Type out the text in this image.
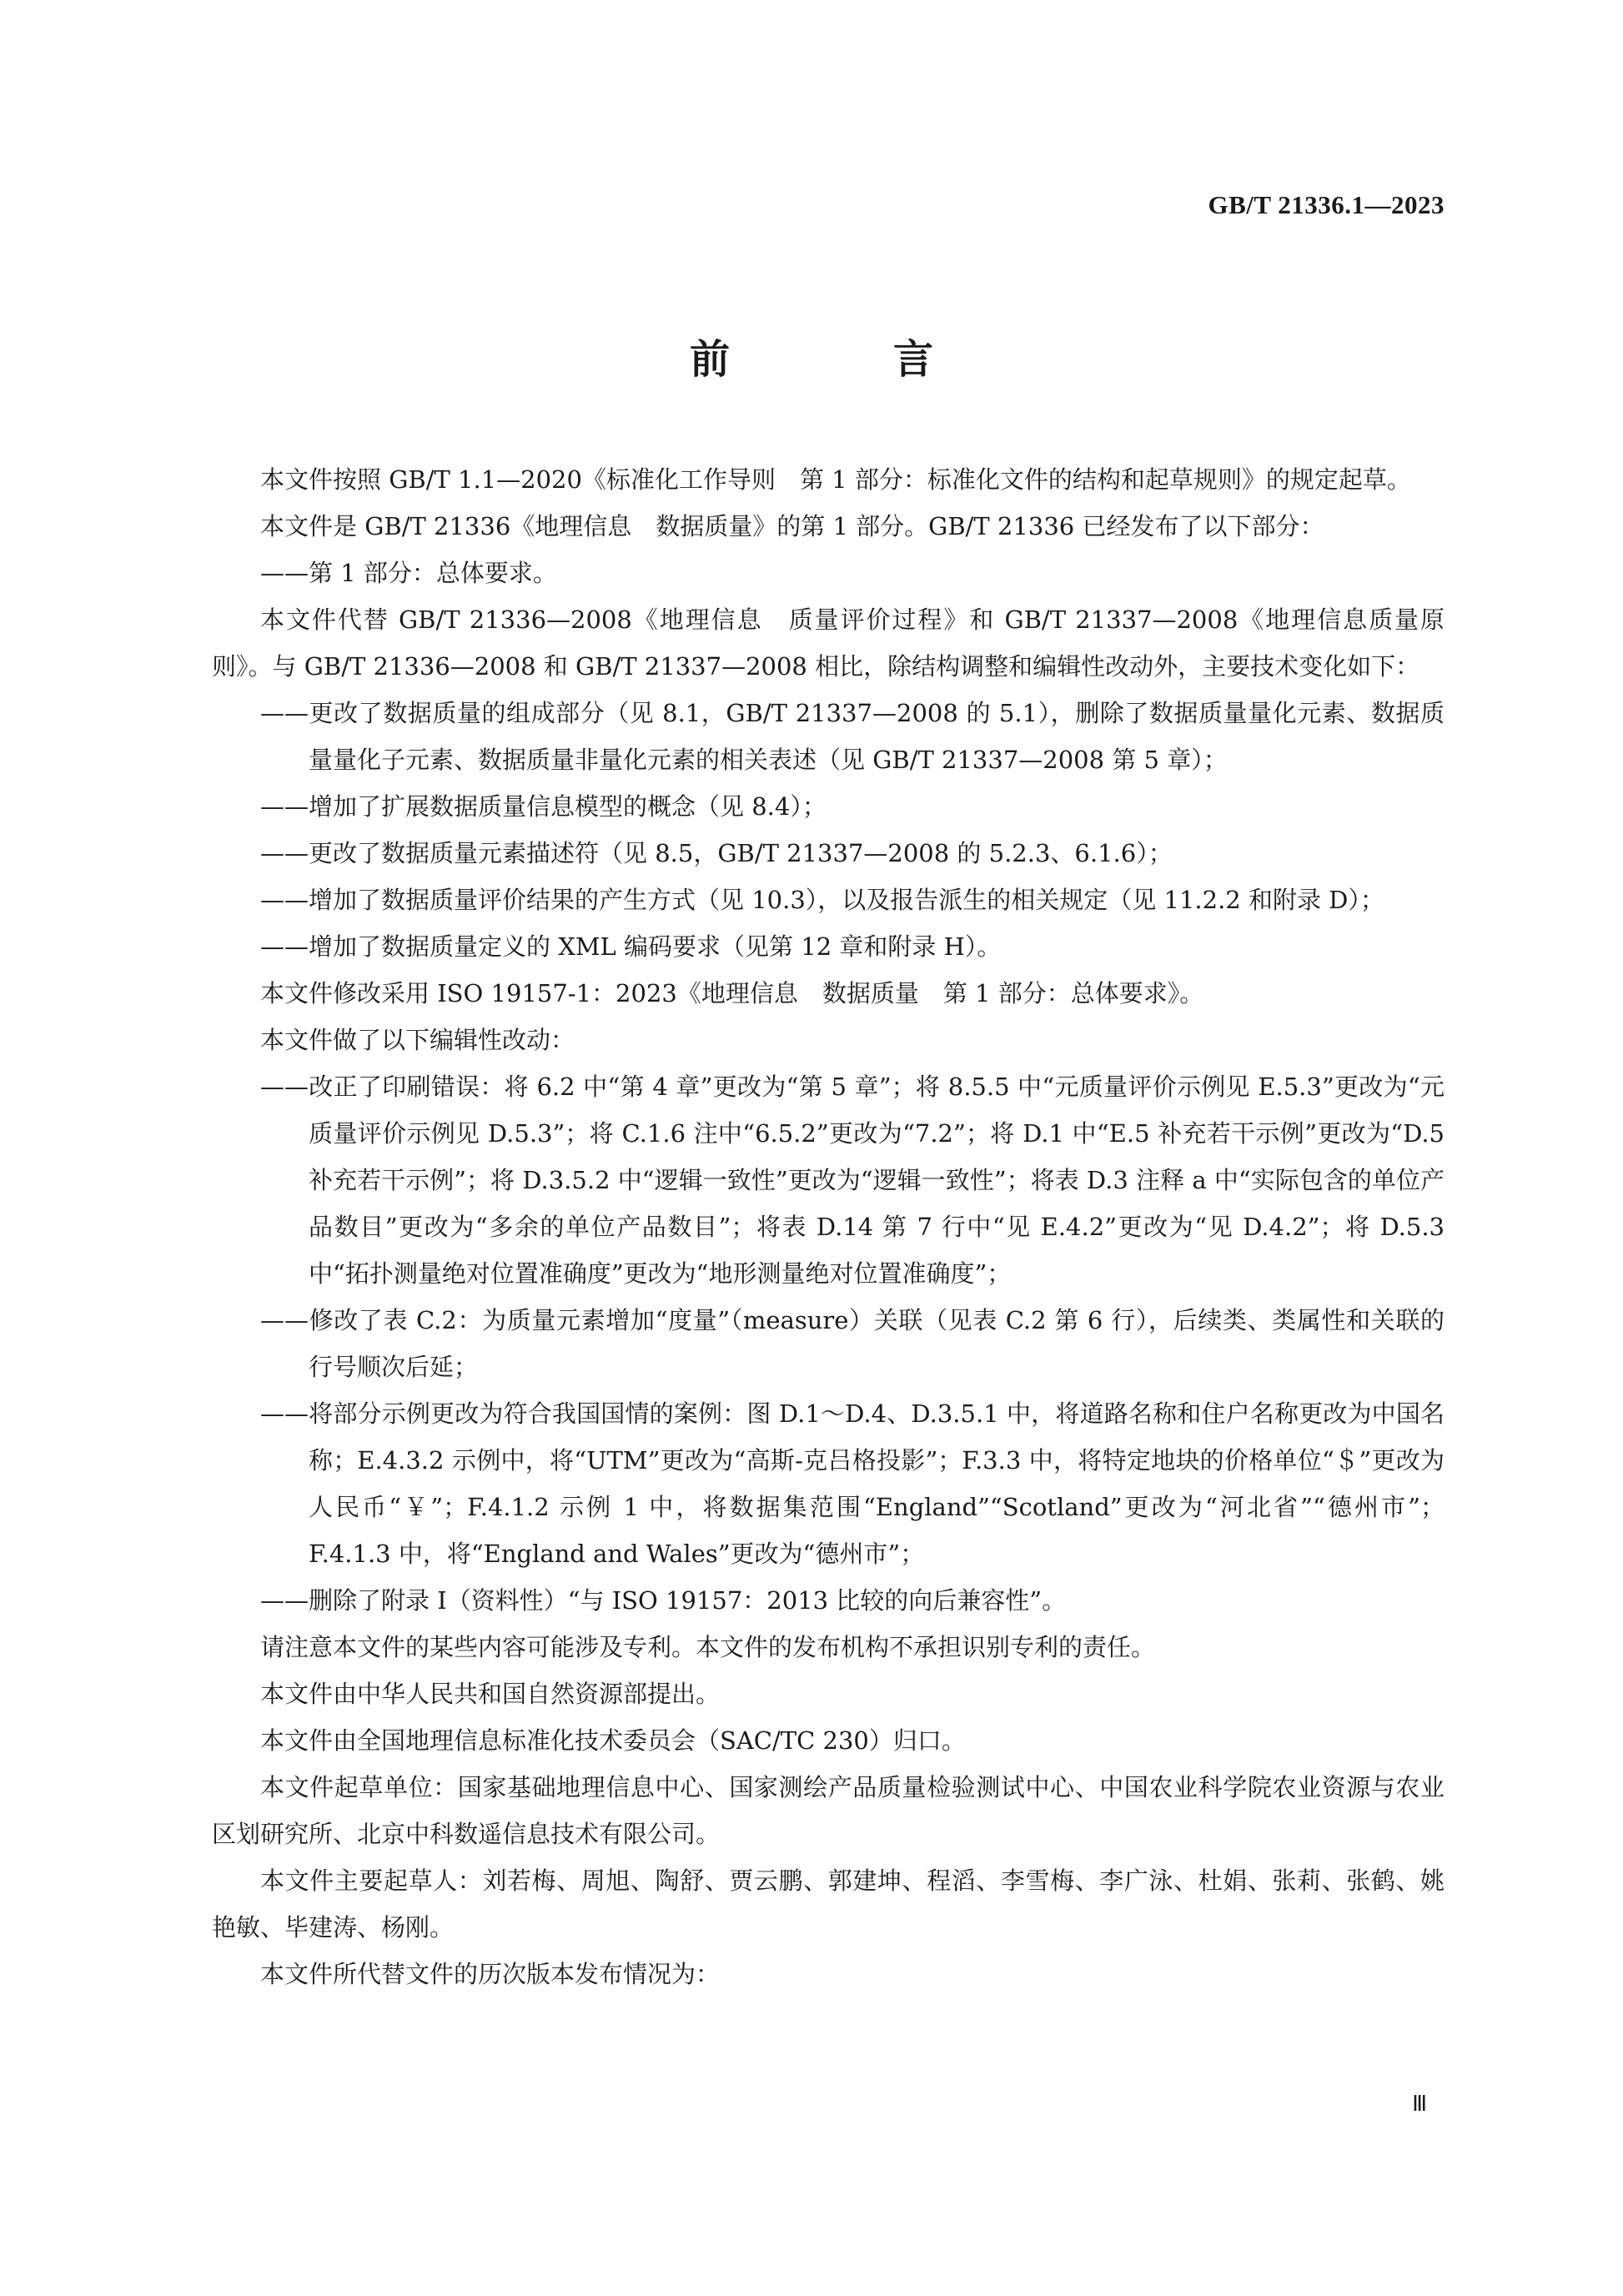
GB/T 21336.1—2023
前　言

本文件按照 GB/T 1.1—2020《标准化工作导则　第 1 部分：标准化文件的结构和起草规则》的规定起草。

本文件是 GB/T 21336《地理信息　数据质量》的第 1 部分。GB/T 21336 已经发布了以下部分：

——第 1 部分：总体要求。

本文件代替 GB/T 21336—2008《地理信息　质量评价过程》和 GB/T 21337—2008《地理信息质量原则》。与 GB/T 21336—2008 和 GB/T 21337—2008 相比，除结构调整和编辑性改动外，主要技术变化如下：

——更改了数据质量的组成部分（见 8.1，GB/T 21337—2008 的 5.1），删除了数据质量量化元素、数据质量量化子元素、数据质量非量化元素的相关表述（见 GB/T 21337—2008 第 5 章）；

——增加了扩展数据质量信息模型的概念（见 8.4）；

——更改了数据质量元素描述符（见 8.5，GB/T 21337—2008 的 5.2.3、6.1.6）；

——增加了数据质量评价结果的产生方式（见 10.3），以及报告派生的相关规定（见 11.2.2 和附录 D）；

——增加了数据质量定义的 XML 编码要求（见第 12 章和附录 H）。

本文件修改采用 ISO 19157-1：2023《地理信息　数据质量　第 1 部分：总体要求》。

本文件做了以下编辑性改动：

——改正了印刷错误：将 6.2 中“第 4 章”更改为“第 5 章”；将 8.5.5 中“元质量评价示例见 E.5.3”更改为“元质量评价示例见 D.5.3”；将 C.1.6 注中“6.5.2”更改为“7.2”；将 D.1 中“E.5 补充若干示例”更改为“D.5 补充若干示例”；将 D.3.5.2 中“逻辑一致性”更改为“逻辑一致性”；将表 D.3 注释 a 中“实际包含的单位产品数目”更改为“多余的单位产品数目”；将表 D.14 第 7 行中“见 E.4.2”更改为“见 D.4.2”；将 D.5.3 中“拓扑测量绝对位置准确度”更改为“地形测量绝对位置准确度”；

——修改了表 C.2：为质量元素增加“度量”（measure）关联（见表 C.2 第 6 行），后续类、类属性和关联的行号顺次后延；

——将部分示例更改为符合我国国情的案例：图 D.1～D.4、D.3.5.1 中，将道路名称和住户名称更改为中国名称；E.4.3.2 示例中，将“UTM”更改为“高斯-克吕格投影”；F.3.3 中，将特定地块的价格单位“＄”更改为人民币“￥”；F.4.1.2 示例 1 中，将数据集范围“England”“Scotland”更改为“河北省”“德州市”；F.4.1.3 中，将“England and Wales”更改为“德州市”；

——删除了附录 I（资料性）“与 ISO 19157：2013 比较的向后兼容性”。

请注意本文件的某些内容可能涉及专利。本文件的发布机构不承担识别专利的责任。

本文件由中华人民共和国自然资源部提出。

本文件由全国地理信息标准化技术委员会（SAC/TC 230）归口。

本文件起草单位：国家基础地理信息中心、国家测绘产品质量检验测试中心、中国农业科学院农业资源与农业区划研究所、北京中科数遥信息技术有限公司。

本文件主要起草人：刘若梅、周旭、陶舒、贾云鹏、郭建坤、程滔、李雪梅、李广泳、杜娟、张莉、张鹤、姚艳敏、毕建涛、杨刚。

本文件所代替文件的历次版本发布情况为：

Ⅲ
